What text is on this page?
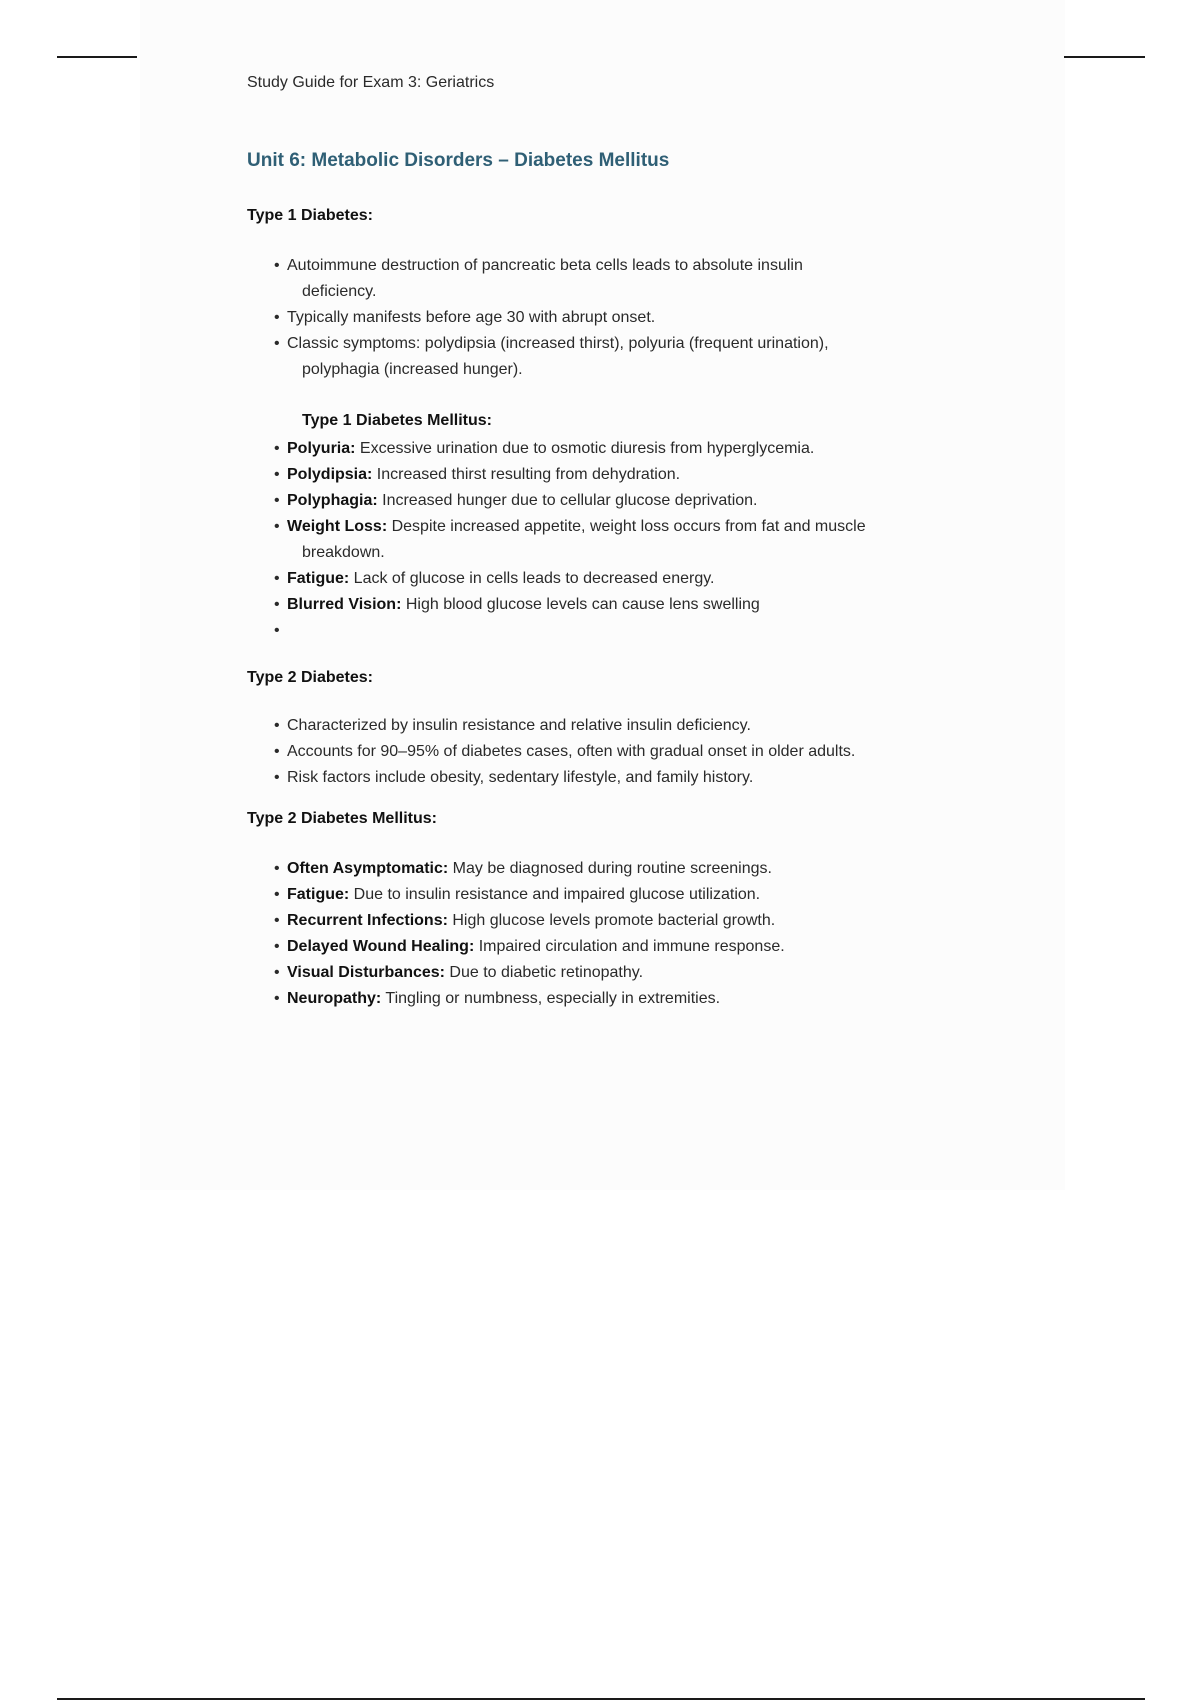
Study Guide for Exam 3: Geriatrics

Unit 6: Metabolic Disorders – Diabetes Mellitus

Type 1 Diabetes:

• Autoimmune destruction of pancreatic beta cells leads to absolute insulin
deficiency.
• Typically manifests before age 30 with abrupt onset.
• Classic symptoms: polydipsia (increased thirst), polyuria (frequent urination),
polyphagia (increased hunger).

Type 1 Diabetes Mellitus:

• Polyuria: Excessive urination due to osmotic diuresis from hyperglycemia.
• Polydipsia: Increased thirst resulting from dehydration.
• Polyphagia: Increased hunger due to cellular glucose deprivation.
• Weight Loss: Despite increased appetite, weight loss occurs from fat and muscle
breakdown.
• Fatigue: Lack of glucose in cells leads to decreased energy.
• Blurred Vision: High blood glucose levels can cause lens swelling
•

Type 2 Diabetes:

• Characterized by insulin resistance and relative insulin deficiency.
• Accounts for 90–95% of diabetes cases, often with gradual onset in older adults.
• Risk factors include obesity, sedentary lifestyle, and family history.

Type 2 Diabetes Mellitus:

• Often Asymptomatic: May be diagnosed during routine screenings.
• Fatigue: Due to insulin resistance and impaired glucose utilization.
• Recurrent Infections: High glucose levels promote bacterial growth.
• Delayed Wound Healing: Impaired circulation and immune response.
• Visual Disturbances: Due to diabetic retinopathy.
• Neuropathy: Tingling or numbness, especially in extremities.
